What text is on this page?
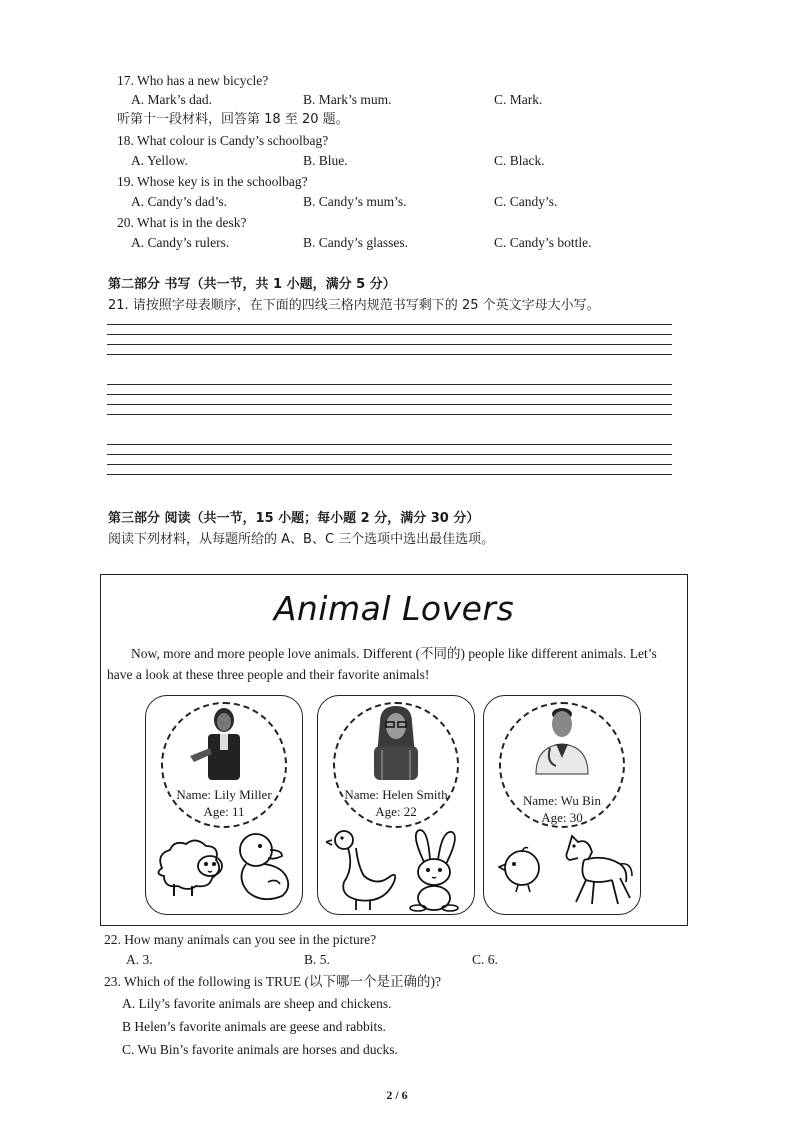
17. Who has a new bicycle?
A. Mark’s dad.	B. Mark’s mum.	C. Mark.
听第十一段材料，回答第 18 至 20 题。
18. What colour is Candy’s schoolbag?
A. Yellow.	B. Blue.	C. Black.
19. Whose key is in the schoolbag?
A. Candy’s dad’s.	B. Candy’s mum’s.	C. Candy’s.
20. What is in the desk?
A. Candy’s rulers.	B. Candy’s glasses.	C. Candy’s bottle.
第二部分 书写（共一节，共 1 小题，满分 5 分）
21. 请按照字母表顺序，在下面的四线三格内规范书写剩下的 25 个英文字母大小写。
第三部分 阅读（共一节，15 小题；每小题 2 分，满分 30 分）
阅读下列材料，从每题所给的 A、B、C 三个选项中选出最佳选项。
Animal Lovers
Now, more and more people love animals. Different (不同的) people like different animals. Let’s
have a look at these three people and their favorite animals!
Name: Lily Miller
Age: 11
Name: Helen Smith
Age: 22
Name: Wu Bin
Age: 30
22. How many animals can you see in the picture?
A. 3.	B. 5.	C. 6.
23. Which of the following is TRUE (以下哪一个是正确的)?
A. Lily’s favorite animals are sheep and chickens.
B Helen’s favorite animals are geese and rabbits.
C. Wu Bin’s favorite animals are horses and ducks.
2 / 6
